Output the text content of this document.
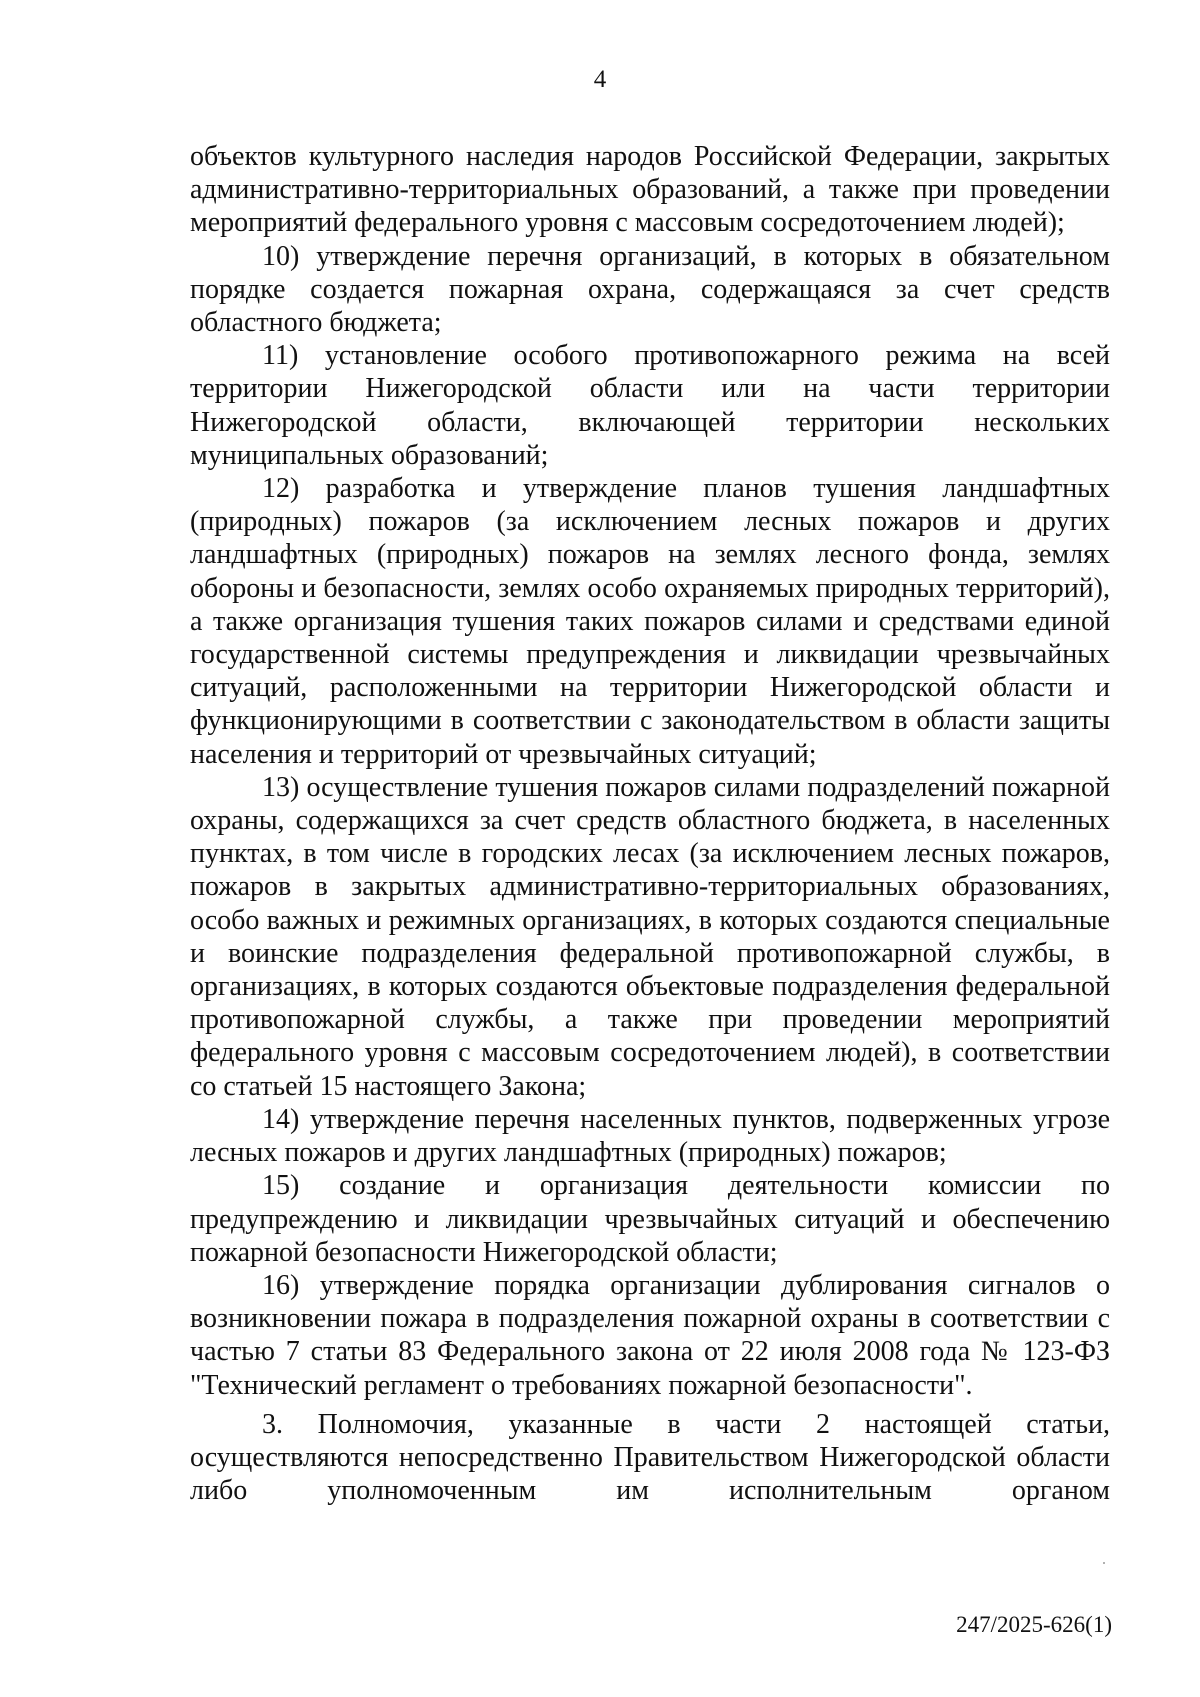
4

объектов культурного наследия народов Российской Федерации, закрытых административно-территориальных образований, а также при проведении мероприятий федерального уровня с массовым сосредоточением людей);

10) утверждение перечня организаций, в которых в обязательном порядке создается пожарная охрана, содержащаяся за счет средств областного бюджета;

11) установление особого противопожарного режима на всей территории Нижегородской области или на части территории Нижегородской области, включающей территории нескольких муниципальных образований;

12) разработка и утверждение планов тушения ландшафтных (природных) пожаров (за исключением лесных пожаров и других ландшафтных (природных) пожаров на землях лесного фонда, землях обороны и безопасности, землях особо охраняемых природных территорий), а также организация тушения таких пожаров силами и средствами единой государственной системы предупреждения и ликвидации чрезвычайных ситуаций, расположенными на территории Нижегородской области и функционирующими в соответствии с законодательством в области защиты населения и территорий от чрезвычайных ситуаций;

13) осуществление тушения пожаров силами подразделений пожарной охраны, содержащихся за счет средств областного бюджета, в населенных пунктах, в том числе в городских лесах (за исключением лесных пожаров, пожаров в закрытых административно-территориальных образованиях, особо важных и режимных организациях, в которых создаются специальные и воинские подразделения федеральной противопожарной службы, в организациях, в которых создаются объектовые подразделения федеральной противопожарной службы, а также при проведении мероприятий федерального уровня с массовым сосредоточением людей), в соответствии со статьей 15 настоящего Закона;

14) утверждение перечня населенных пунктов, подверженных угрозе лесных пожаров и других ландшафтных (природных) пожаров;

15) создание и организация деятельности комиссии по предупреждению и ликвидации чрезвычайных ситуаций и обеспечению пожарной безопасности Нижегородской области;

16) утверждение порядка организации дублирования сигналов о возникновении пожара в подразделения пожарной охраны в соответствии с частью 7 статьи 83 Федерального закона от 22 июля 2008 года № 123-ФЗ "Технический регламент о требованиях пожарной безопасности".

3. Полномочия, указанные в части 2 настоящей статьи, осуществляются непосредственно Правительством Нижегородской области либо уполномоченным им исполнительным органом

247/2025-626(1)
